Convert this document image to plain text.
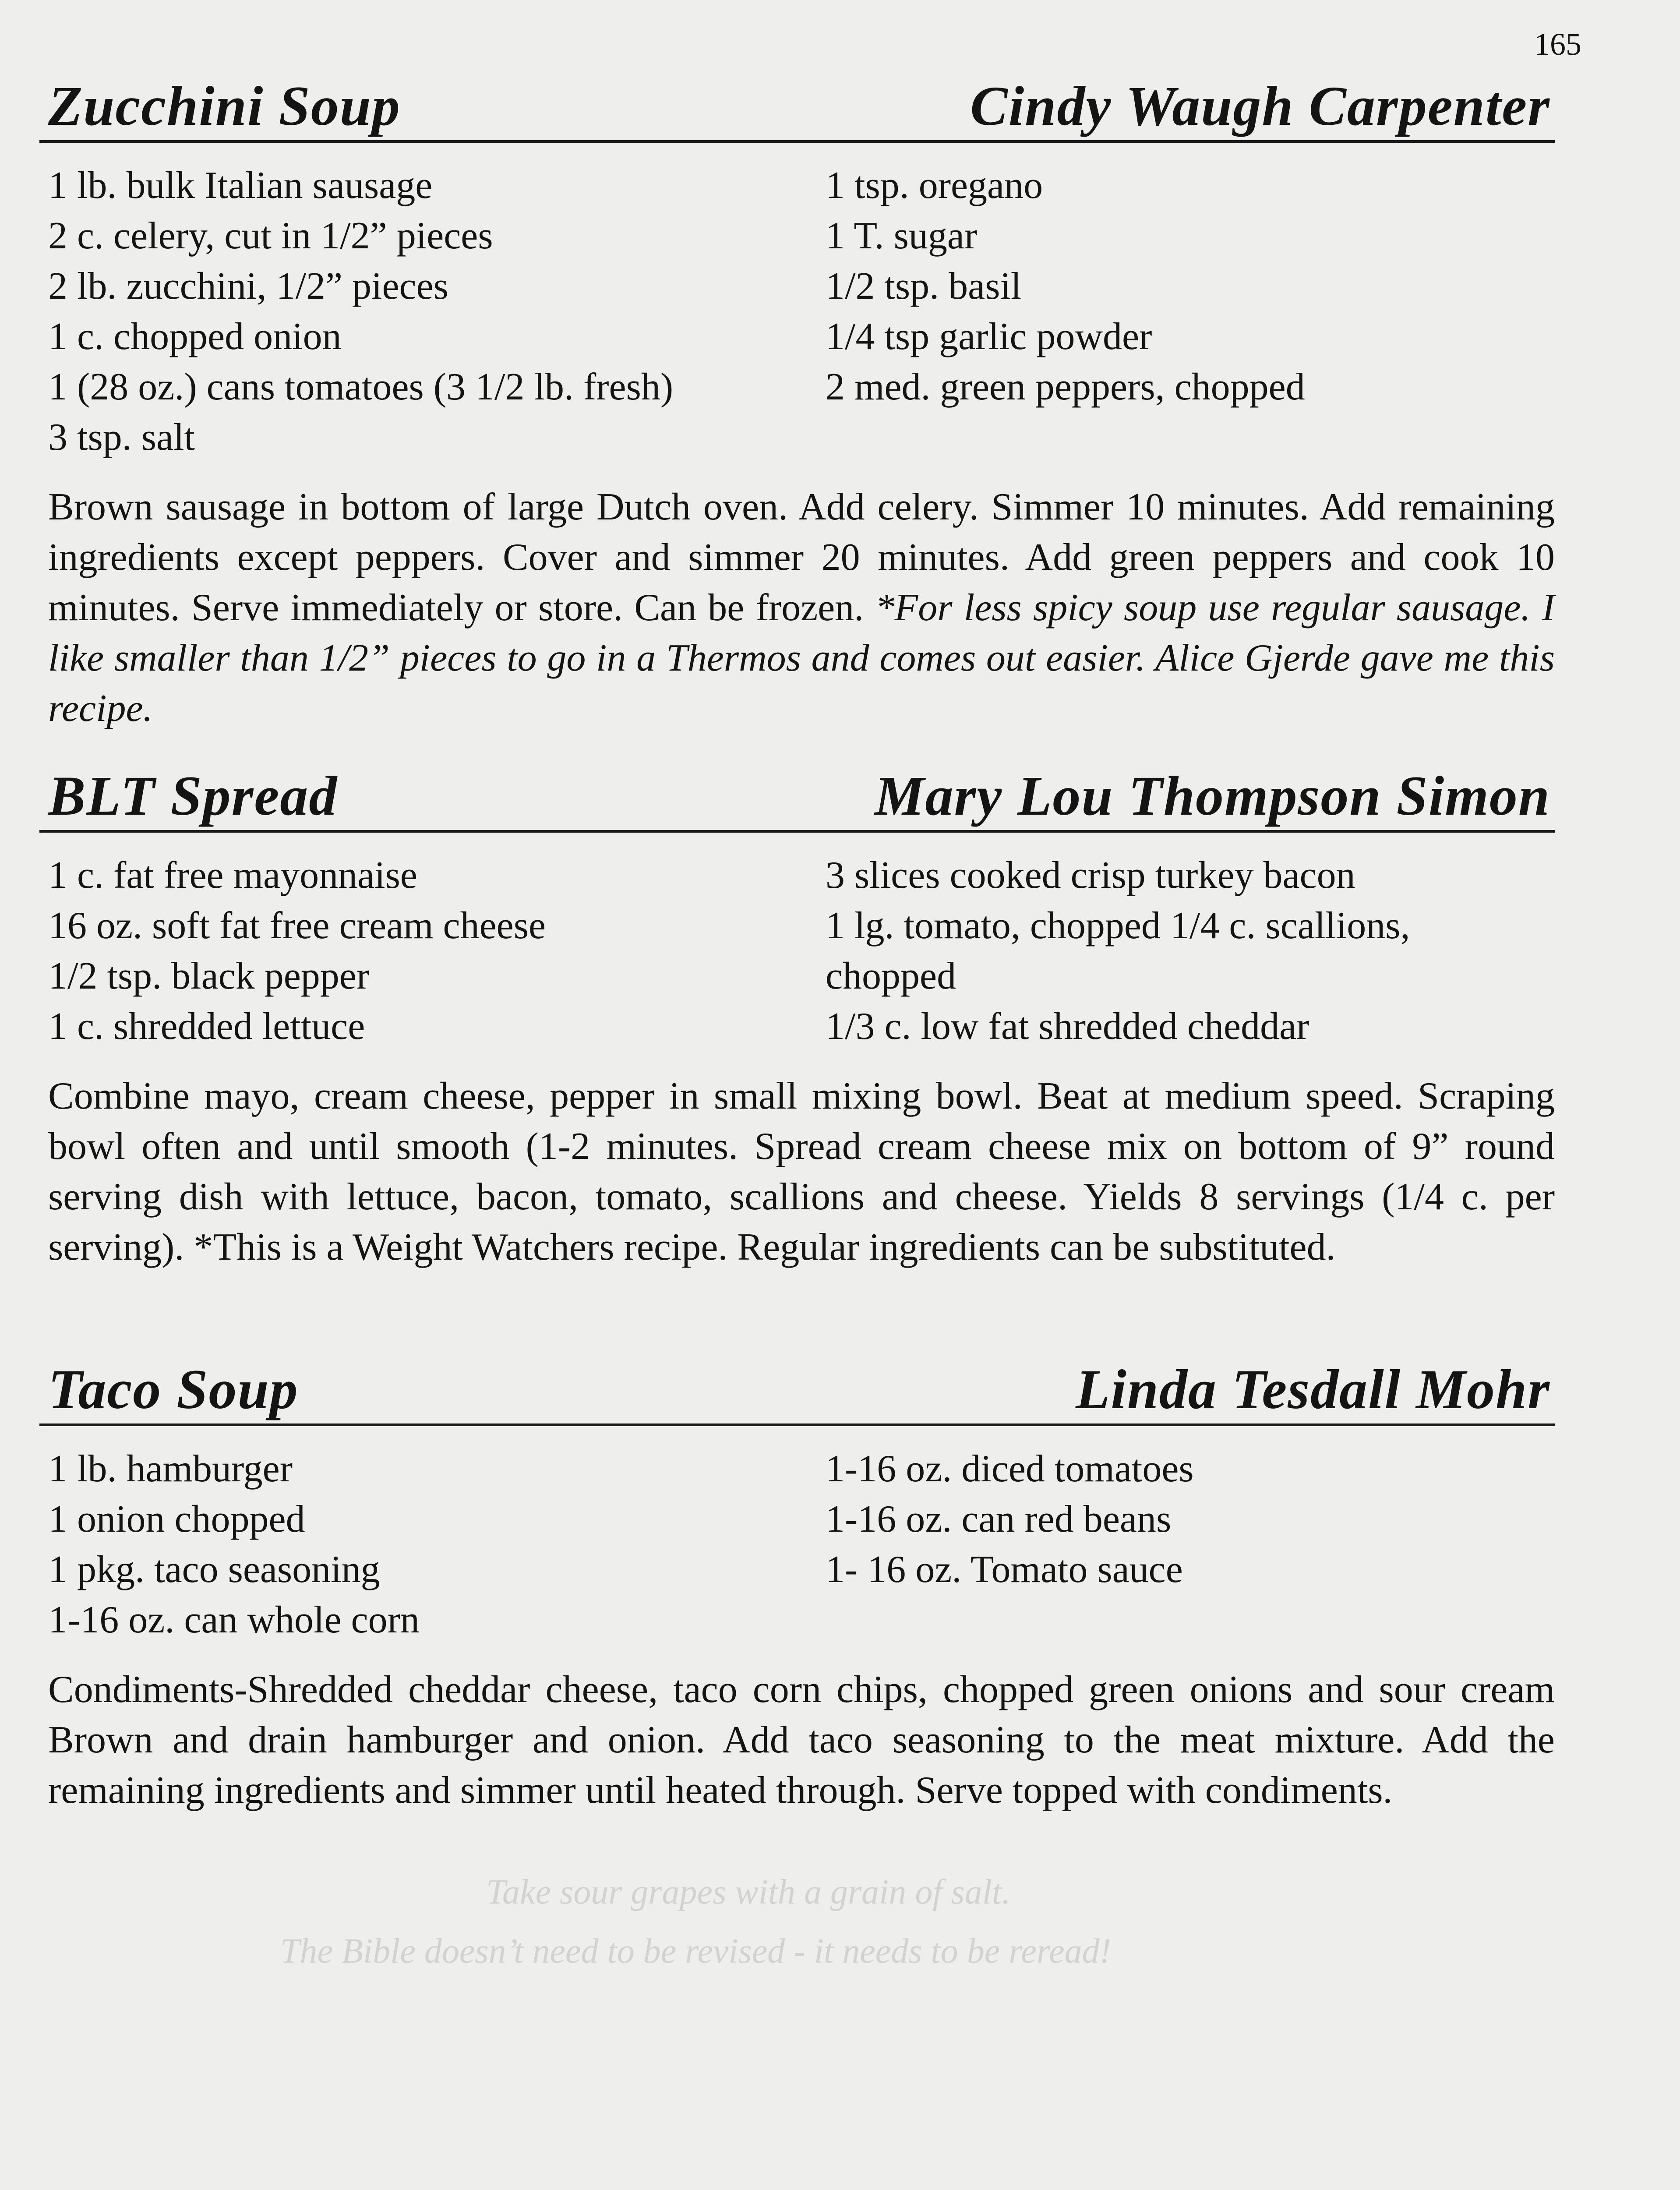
165
Zucchini Soup	Cindy Waugh Carpenter
1 lb. bulk Italian sausage
2 c. celery, cut in 1/2” pieces
2 lb. zucchini, 1/2” pieces
1 c. chopped onion
1 (28 oz.) cans tomatoes (3 1/2 lb. fresh)
3 tsp. salt
1 tsp. oregano
1 T. sugar
1/2 tsp. basil
1/4 tsp garlic powder
2 med. green peppers, chopped
Brown sausage in bottom of large Dutch oven. Add celery. Simmer 10 minutes. Add remaining ingredients except peppers. Cover and simmer 20 minutes. Add green peppers and cook 10 minutes. Serve immediately or store. Can be frozen. *For less spicy soup use regular sausage. I like smaller than 1/2” pieces to go in a Thermos and comes out easier. Alice Gjerde gave me this recipe.
BLT Spread	Mary Lou Thompson Simon
1 c. fat free mayonnaise
16 oz. soft fat free cream cheese
1/2 tsp. black pepper
1 c. shredded lettuce
3 slices cooked crisp turkey bacon
1 lg. tomato, chopped 1/4 c. scallions,
chopped
1/3 c. low fat shredded cheddar
Combine mayo, cream cheese, pepper in small mixing bowl. Beat at medium speed. Scraping bowl often and until smooth (1-2 minutes. Spread cream cheese mix on bottom of 9” round serving dish with lettuce, bacon, tomato, scallions and cheese. Yields 8 servings (1/4 c. per serving). *This is a Weight Watchers recipe. Regular ingredients can be substituted.
Taco Soup	Linda Tesdall Mohr
1 lb. hamburger
1 onion chopped
1 pkg. taco seasoning
1-16 oz. can whole corn
1-16 oz. diced tomatoes
1-16 oz. can red beans
1- 16 oz. Tomato sauce
Condiments-Shredded cheddar cheese, taco corn chips, chopped green onions and sour cream Brown and drain hamburger and onion. Add taco seasoning to the meat mixture. Add the remaining ingredients and simmer until heated through. Serve topped with condiments.
Take sour grapes with a grain of salt.
The Bible doesn’t need to be revised - it needs to be reread!
